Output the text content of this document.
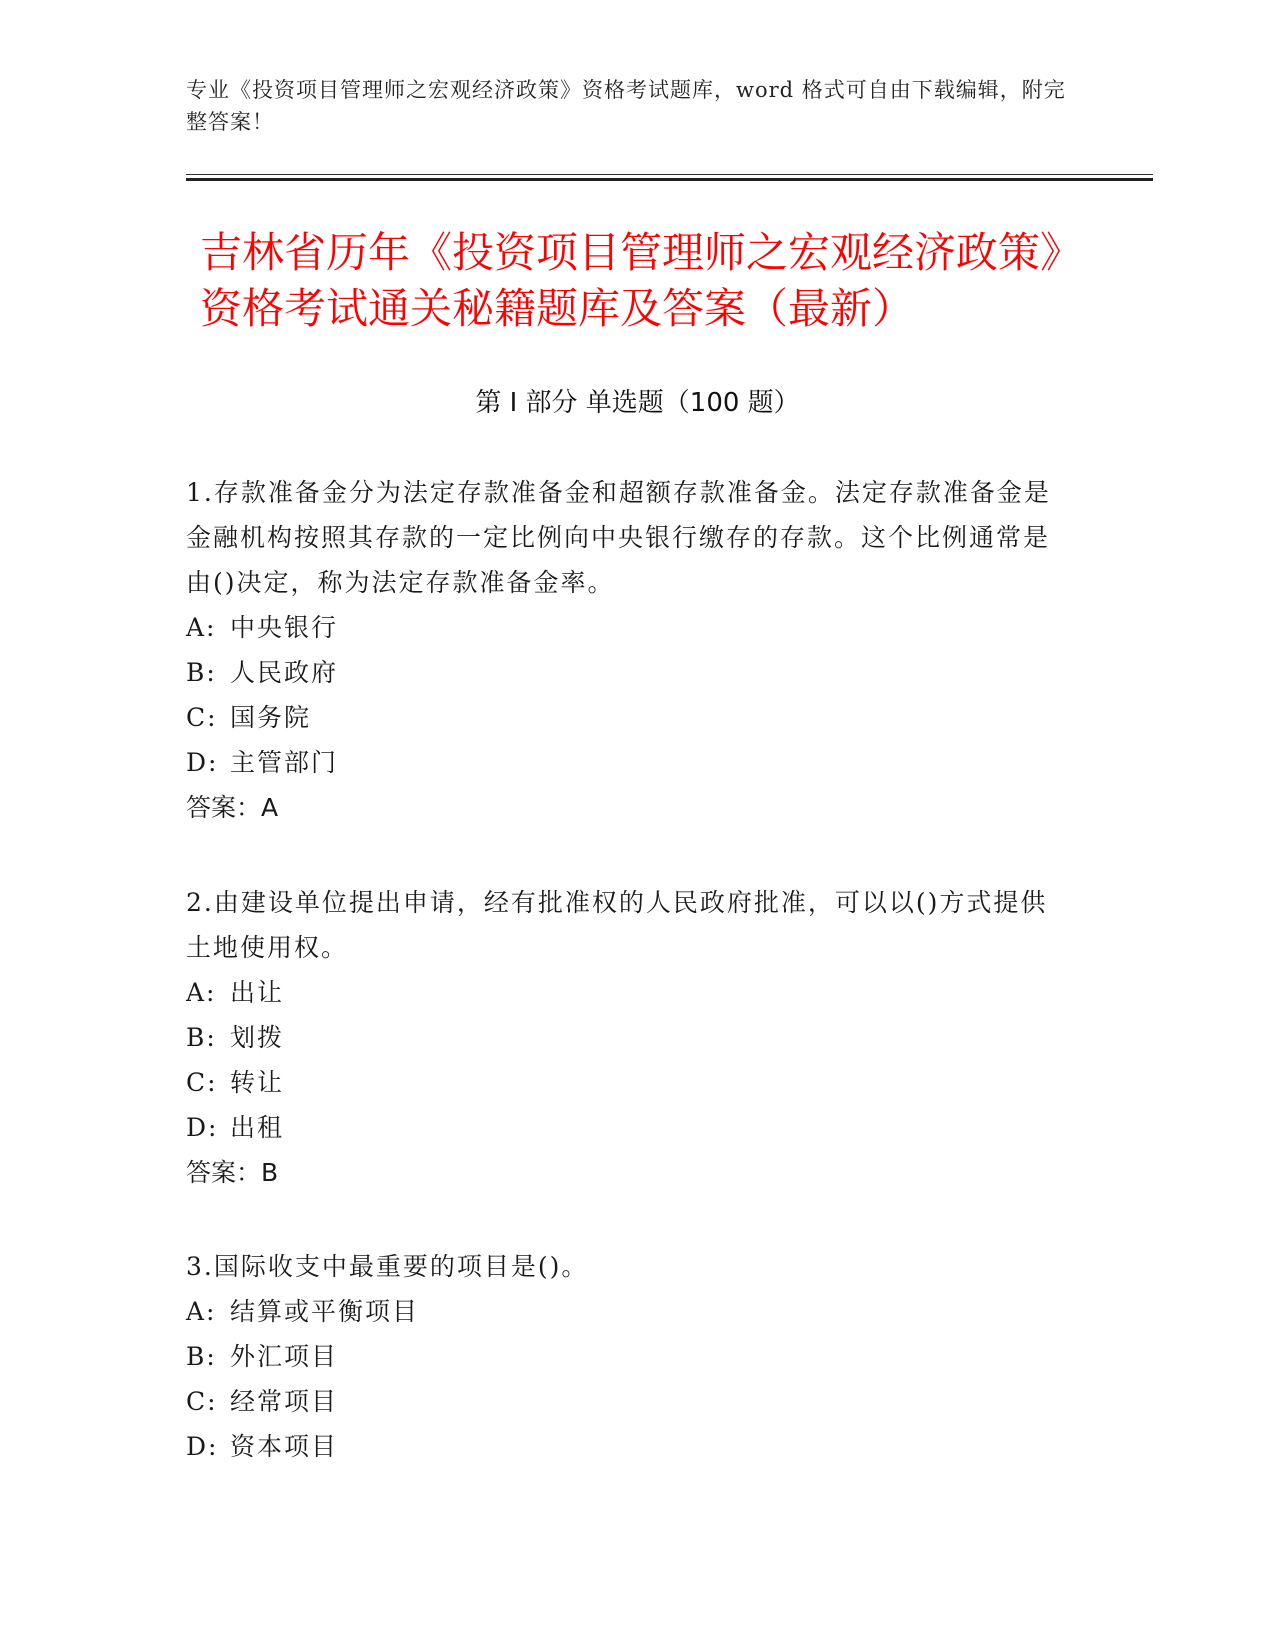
专业《投资项目管理师之宏观经济政策》资格考试题库，word 格式可自由下载编辑，附完整答案！
吉林省历年《投资项目管理师之宏观经济政策》资格考试通关秘籍题库及答案（最新）
第 I 部分 单选题（100 题）

1.存款准备金分为法定存款准备金和超额存款准备金。法定存款准备金是金融机构按照其存款的一定比例向中央银行缴存的存款。这个比例通常是由()决定，称为法定存款准备金率。

A: 中央银行

B: 人民政府

C: 国务院

D: 主管部门

答案：A

2.由建设单位提出申请，经有批准权的人民政府批准，可以以()方式提供土地使用权。

A: 出让

B: 划拨

C: 转让

D: 出租

答案：B

3.国际收支中最重要的项目是()。

A: 结算或平衡项目

B: 外汇项目

C: 经常项目

D: 资本项目
